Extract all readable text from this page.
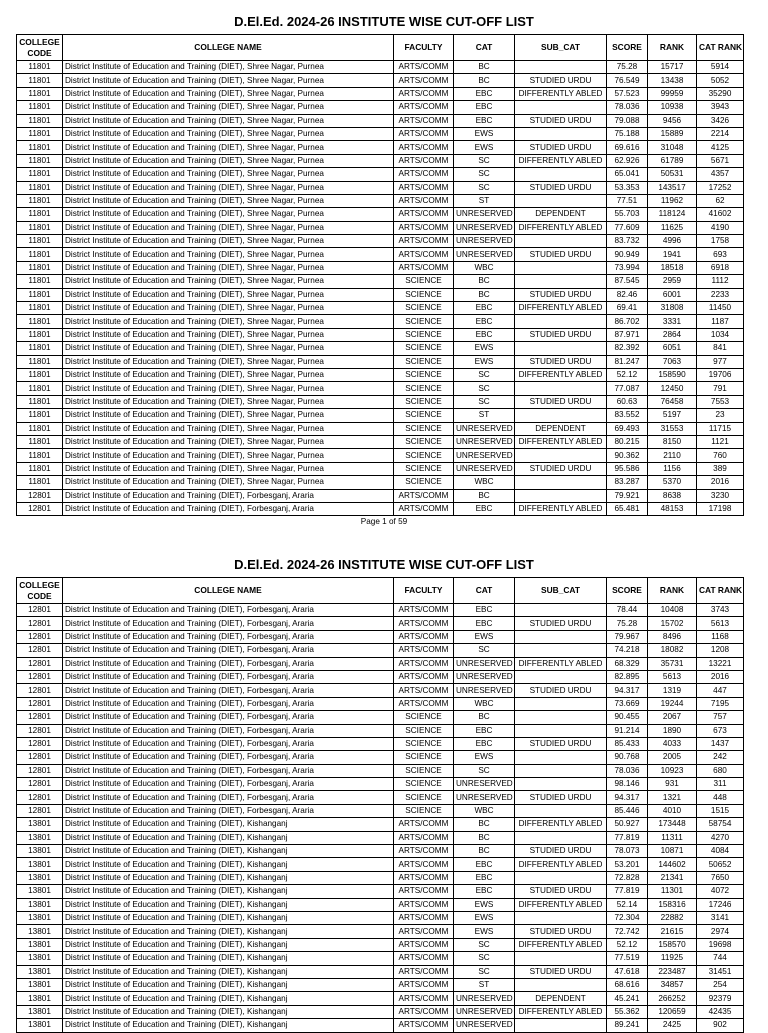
D.El.Ed. 2024-26 INSTITUTE WISE CUT-OFF LIST
COLLEGE
CODE	COLLEGE NAME	FACULTY	CAT	SUB_CAT	SCORE	RANK	CAT RANK
11801	District Institute of Education and Training (DIET), Shree Nagar, Purnea	ARTS/COMM	BC		75.28	15717	5914
11801	District Institute of Education and Training (DIET), Shree Nagar, Purnea	ARTS/COMM	BC	STUDIED URDU	76.549	13438	5052
11801	District Institute of Education and Training (DIET), Shree Nagar, Purnea	ARTS/COMM	EBC	DIFFERENTLY ABLED	57.523	99959	35290
11801	District Institute of Education and Training (DIET), Shree Nagar, Purnea	ARTS/COMM	EBC		78.036	10938	3943
11801	District Institute of Education and Training (DIET), Shree Nagar, Purnea	ARTS/COMM	EBC	STUDIED URDU	79.088	9456	3426
11801	District Institute of Education and Training (DIET), Shree Nagar, Purnea	ARTS/COMM	EWS		75.188	15889	2214
11801	District Institute of Education and Training (DIET), Shree Nagar, Purnea	ARTS/COMM	EWS	STUDIED URDU	69.616	31048	4125
11801	District Institute of Education and Training (DIET), Shree Nagar, Purnea	ARTS/COMM	SC	DIFFERENTLY ABLED	62.926	61789	5671
11801	District Institute of Education and Training (DIET), Shree Nagar, Purnea	ARTS/COMM	SC		65.041	50531	4357
11801	District Institute of Education and Training (DIET), Shree Nagar, Purnea	ARTS/COMM	SC	STUDIED URDU	53.353	143517	17252
11801	District Institute of Education and Training (DIET), Shree Nagar, Purnea	ARTS/COMM	ST		77.51	11962	62
11801	District Institute of Education and Training (DIET), Shree Nagar, Purnea	ARTS/COMM	UNRESERVED	DEPENDENT	55.703	118124	41602
11801	District Institute of Education and Training (DIET), Shree Nagar, Purnea	ARTS/COMM	UNRESERVED	DIFFERENTLY ABLED	77.609	11625	4190
11801	District Institute of Education and Training (DIET), Shree Nagar, Purnea	ARTS/COMM	UNRESERVED		83.732	4996	1758
11801	District Institute of Education and Training (DIET), Shree Nagar, Purnea	ARTS/COMM	UNRESERVED	STUDIED URDU	90.949	1941	693
11801	District Institute of Education and Training (DIET), Shree Nagar, Purnea	ARTS/COMM	WBC		73.994	18518	6918
11801	District Institute of Education and Training (DIET), Shree Nagar, Purnea	SCIENCE	BC		87.545	2959	1112
11801	District Institute of Education and Training (DIET), Shree Nagar, Purnea	SCIENCE	BC	STUDIED URDU	82.46	6001	2233
11801	District Institute of Education and Training (DIET), Shree Nagar, Purnea	SCIENCE	EBC	DIFFERENTLY ABLED	69.41	31808	11450
11801	District Institute of Education and Training (DIET), Shree Nagar, Purnea	SCIENCE	EBC		86.702	3331	1187
11801	District Institute of Education and Training (DIET), Shree Nagar, Purnea	SCIENCE	EBC	STUDIED URDU	87.971	2864	1034
11801	District Institute of Education and Training (DIET), Shree Nagar, Purnea	SCIENCE	EWS		82.392	6051	841
11801	District Institute of Education and Training (DIET), Shree Nagar, Purnea	SCIENCE	EWS	STUDIED URDU	81.247	7063	977
11801	District Institute of Education and Training (DIET), Shree Nagar, Purnea	SCIENCE	SC	DIFFERENTLY ABLED	52.12	158590	19706
11801	District Institute of Education and Training (DIET), Shree Nagar, Purnea	SCIENCE	SC		77.087	12450	791
11801	District Institute of Education and Training (DIET), Shree Nagar, Purnea	SCIENCE	SC	STUDIED URDU	60.63	76458	7553
11801	District Institute of Education and Training (DIET), Shree Nagar, Purnea	SCIENCE	ST		83.552	5197	23
11801	District Institute of Education and Training (DIET), Shree Nagar, Purnea	SCIENCE	UNRESERVED	DEPENDENT	69.493	31553	11715
11801	District Institute of Education and Training (DIET), Shree Nagar, Purnea	SCIENCE	UNRESERVED	DIFFERENTLY ABLED	80.215	8150	1121
11801	District Institute of Education and Training (DIET), Shree Nagar, Purnea	SCIENCE	UNRESERVED		90.362	2110	760
11801	District Institute of Education and Training (DIET), Shree Nagar, Purnea	SCIENCE	UNRESERVED	STUDIED URDU	95.586	1156	389
11801	District Institute of Education and Training (DIET), Shree Nagar, Purnea	SCIENCE	WBC		83.287	5370	2016
12801	District Institute of Education and Training (DIET), Forbesganj, Araria	ARTS/COMM	BC		79.921	8638	3230
12801	District Institute of Education and Training (DIET), Forbesganj, Araria	ARTS/COMM	EBC	DIFFERENTLY ABLED	65.481	48153	17198
Page 1 of 59
D.El.Ed. 2024-26 INSTITUTE WISE CUT-OFF LIST
COLLEGE
CODE	COLLEGE NAME	FACULTY	CAT	SUB_CAT	SCORE	RANK	CAT RANK
12801	District Institute of Education and Training (DIET), Forbesganj, Araria	ARTS/COMM	EBC		78.44	10408	3743
12801	District Institute of Education and Training (DIET), Forbesganj, Araria	ARTS/COMM	EBC	STUDIED URDU	75.28	15702	5613
12801	District Institute of Education and Training (DIET), Forbesganj, Araria	ARTS/COMM	EWS		79.967	8496	1168
12801	District Institute of Education and Training (DIET), Forbesganj, Araria	ARTS/COMM	SC		74.218	18082	1208
12801	District Institute of Education and Training (DIET), Forbesganj, Araria	ARTS/COMM	UNRESERVED	DIFFERENTLY ABLED	68.329	35731	13221
12801	District Institute of Education and Training (DIET), Forbesganj, Araria	ARTS/COMM	UNRESERVED		82.895	5613	2016
12801	District Institute of Education and Training (DIET), Forbesganj, Araria	ARTS/COMM	UNRESERVED	STUDIED URDU	94.317	1319	447
12801	District Institute of Education and Training (DIET), Forbesganj, Araria	ARTS/COMM	WBC		73.669	19244	7195
12801	District Institute of Education and Training (DIET), Forbesganj, Araria	SCIENCE	BC		90.455	2067	757
12801	District Institute of Education and Training (DIET), Forbesganj, Araria	SCIENCE	EBC		91.214	1890	673
12801	District Institute of Education and Training (DIET), Forbesganj, Araria	SCIENCE	EBC	STUDIED URDU	85.433	4033	1437
12801	District Institute of Education and Training (DIET), Forbesganj, Araria	SCIENCE	EWS		90.768	2005	242
12801	District Institute of Education and Training (DIET), Forbesganj, Araria	SCIENCE	SC		78.036	10923	680
12801	District Institute of Education and Training (DIET), Forbesganj, Araria	SCIENCE	UNRESERVED		98.146	931	311
12801	District Institute of Education and Training (DIET), Forbesganj, Araria	SCIENCE	UNRESERVED	STUDIED URDU	94.317	1321	448
12801	District Institute of Education and Training (DIET), Forbesganj, Araria	SCIENCE	WBC		85.446	4010	1515
13801	District Institute of Education and Training (DIET), Kishanganj	ARTS/COMM	BC	DIFFERENTLY ABLED	50.927	173448	58754
13801	District Institute of Education and Training (DIET), Kishanganj	ARTS/COMM	BC		77.819	11311	4270
13801	District Institute of Education and Training (DIET), Kishanganj	ARTS/COMM	BC	STUDIED URDU	78.073	10871	4084
13801	District Institute of Education and Training (DIET), Kishanganj	ARTS/COMM	EBC	DIFFERENTLY ABLED	53.201	144602	50652
13801	District Institute of Education and Training (DIET), Kishanganj	ARTS/COMM	EBC		72.828	21341	7650
13801	District Institute of Education and Training (DIET), Kishanganj	ARTS/COMM	EBC	STUDIED URDU	77.819	11301	4072
13801	District Institute of Education and Training (DIET), Kishanganj	ARTS/COMM	EWS	DIFFERENTLY ABLED	52.14	158316	17246
13801	District Institute of Education and Training (DIET), Kishanganj	ARTS/COMM	EWS		72.304	22882	3141
13801	District Institute of Education and Training (DIET), Kishanganj	ARTS/COMM	EWS	STUDIED URDU	72.742	21615	2974
13801	District Institute of Education and Training (DIET), Kishanganj	ARTS/COMM	SC	DIFFERENTLY ABLED	52.12	158570	19698
13801	District Institute of Education and Training (DIET), Kishanganj	ARTS/COMM	SC		77.519	11925	744
13801	District Institute of Education and Training (DIET), Kishanganj	ARTS/COMM	SC	STUDIED URDU	47.618	223487	31451
13801	District Institute of Education and Training (DIET), Kishanganj	ARTS/COMM	ST		68.616	34857	254
13801	District Institute of Education and Training (DIET), Kishanganj	ARTS/COMM	UNRESERVED	DEPENDENT	45.241	266252	92379
13801	District Institute of Education and Training (DIET), Kishanganj	ARTS/COMM	UNRESERVED	DIFFERENTLY ABLED	55.362	120659	42435
13801	District Institute of Education and Training (DIET), Kishanganj	ARTS/COMM	UNRESERVED		89.241	2425	902
